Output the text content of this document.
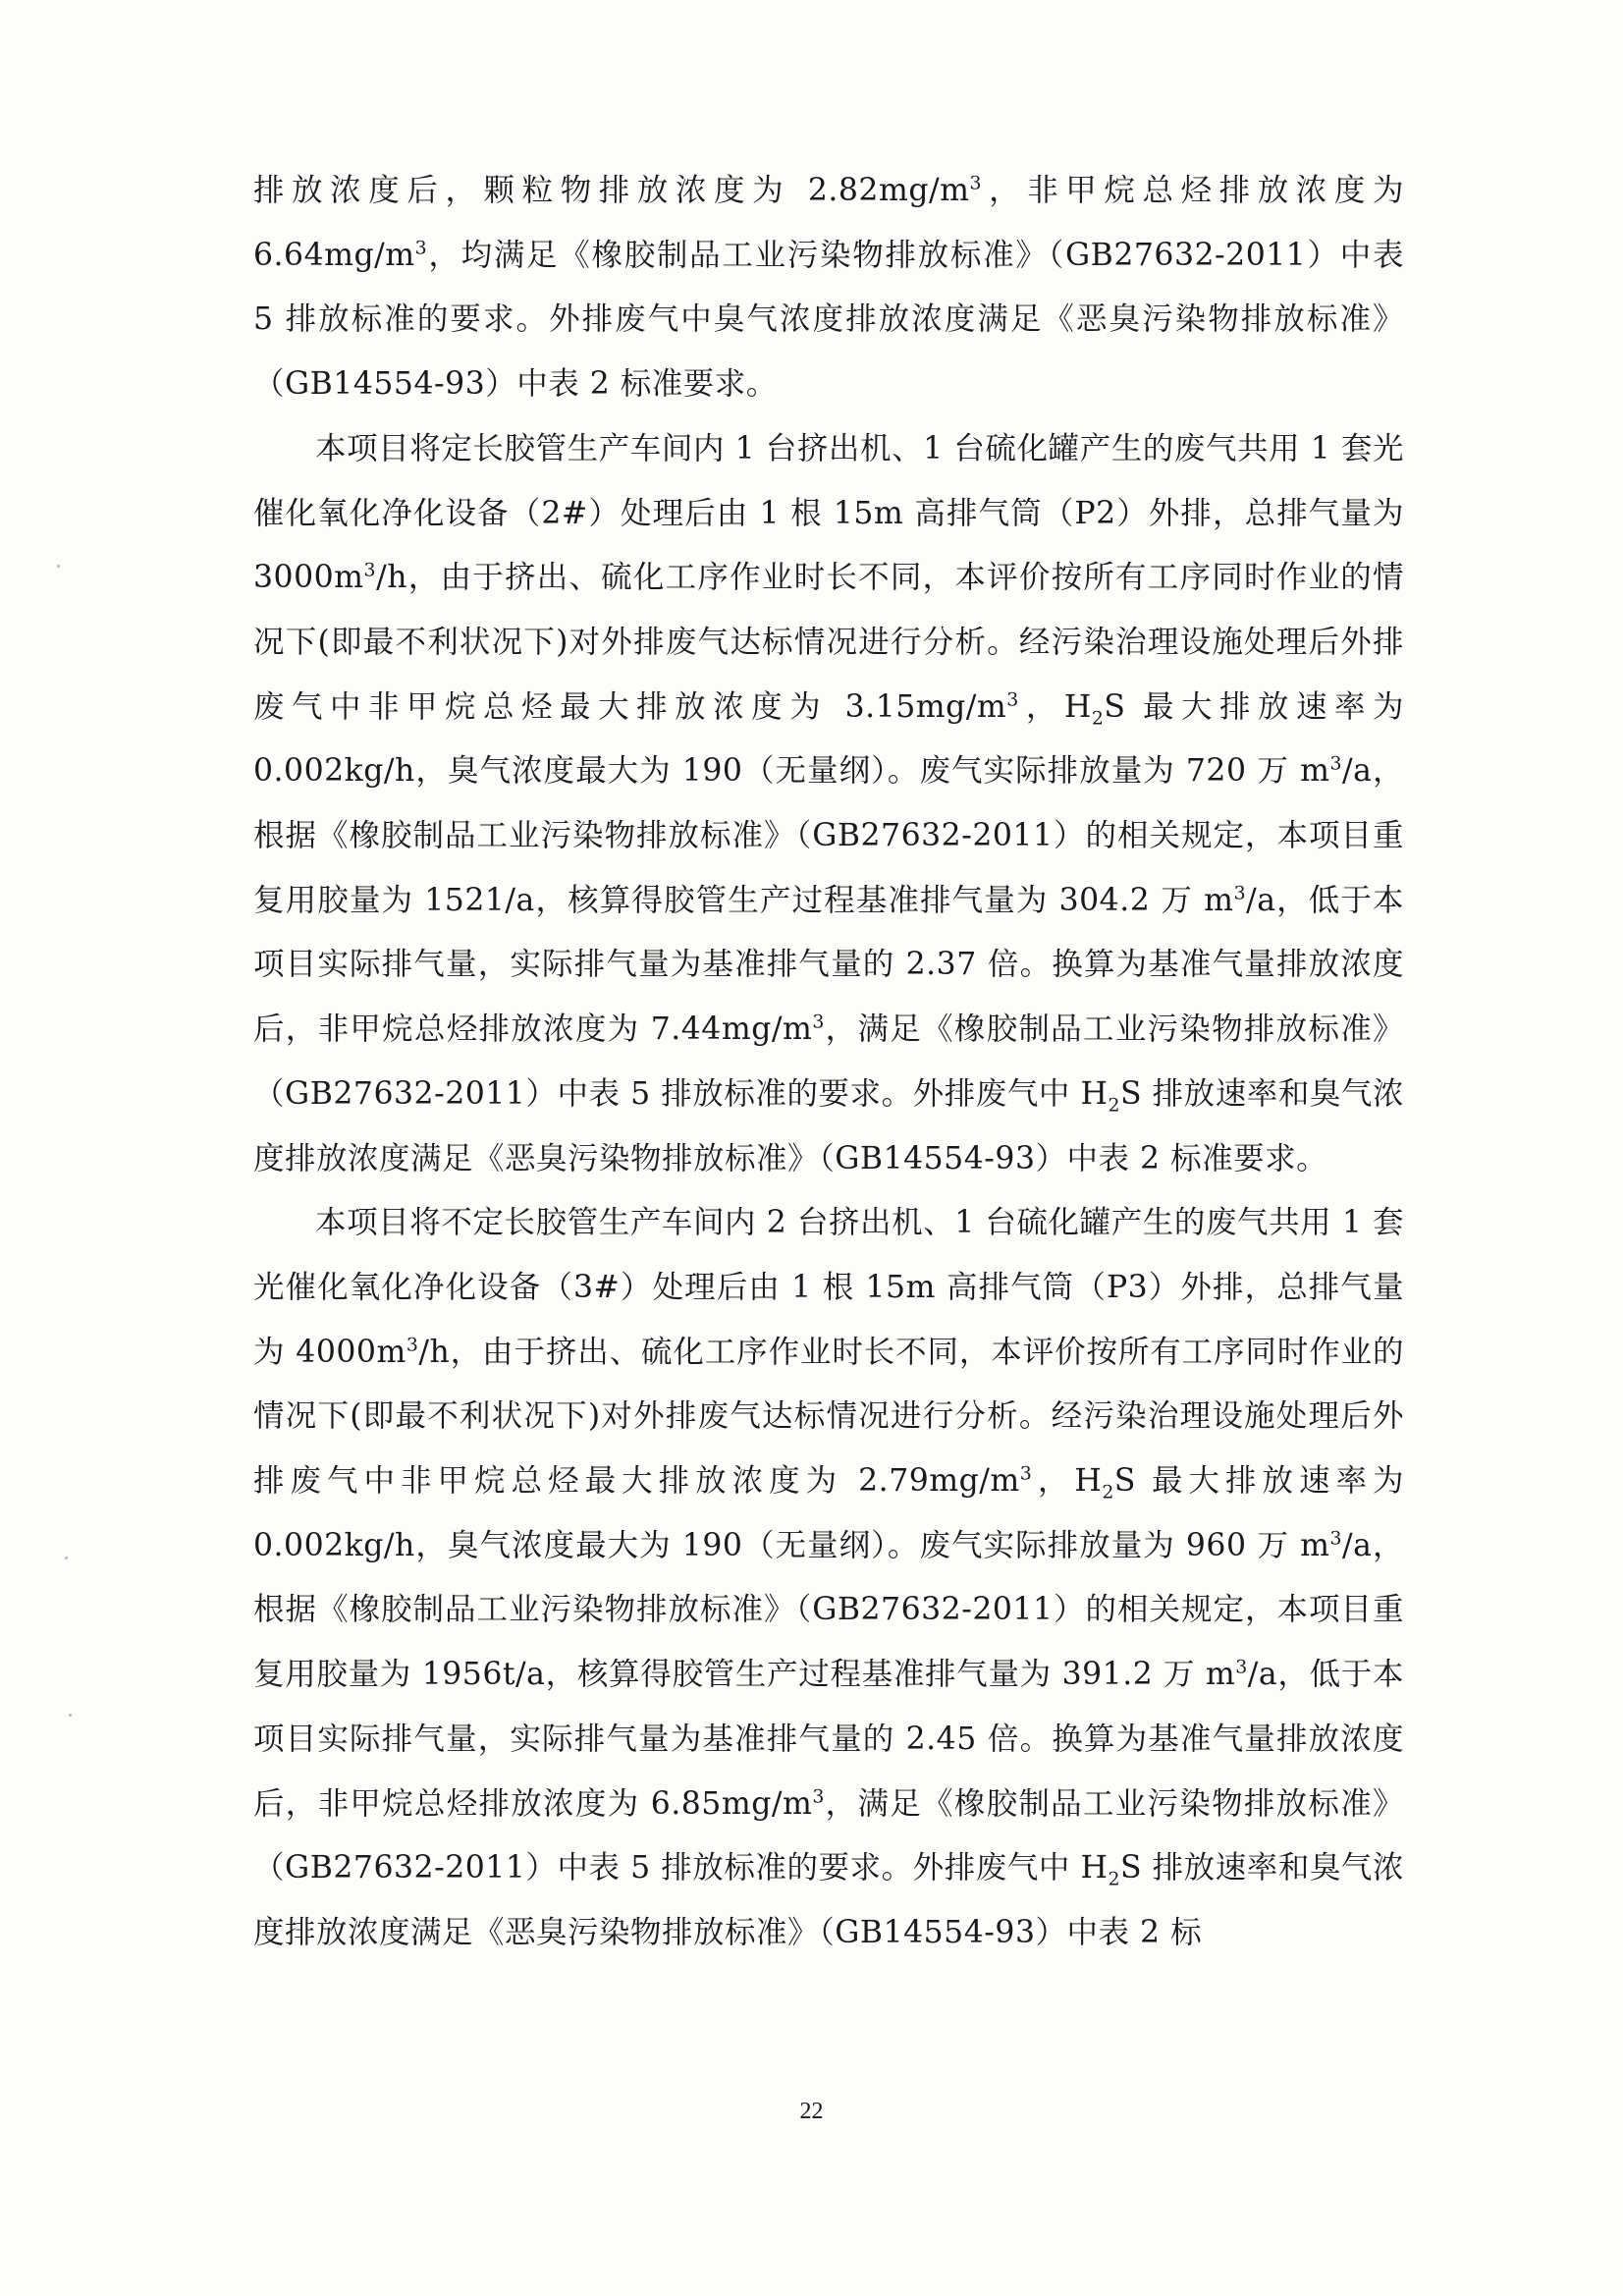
排放浓度后，颗粒物排放浓度为 $2.82mg/m^3$，非甲烷总烃排放浓度为 $6.64mg/m^3$，均满足《橡胶制品工业污染物排放标准》（GB27632-2011）中表 5 排放标准的要求。外排废气中臭气浓度排放浓度满足《恶臭污染物排放标准》（GB14554-93）中表 2 标准要求。

本项目将定长胶管生产车间内 1 台挤出机、1 台硫化罐产生的废气共用 1 套光催化氧化净化设备（2#）处理后由 1 根 15m 高排气筒（P2）外排，总排气量为 $3000m^3/h$，由于挤出、硫化工序作业时长不同，本评价按所有工序同时作业的情况下(即最不利状况下)对外排废气达标情况进行分析。经污染治理设施处理后外排废气中非甲烷总烃最大排放浓度为 $3.15mg/m^3$，$H_2S$ 最大排放速率为 0.002kg/h，臭气浓度最大为 190（无量纲）。废气实际排放量为 720 万 $m^3/a$，根据《橡胶制品工业污染物排放标准》（GB27632-2011）的相关规定，本项目重复用胶量为 1521/a，核算得胶管生产过程基准排气量为 304.2 万 $m^3/a$，低于本项目实际排气量，实际排气量为基准排气量的 2.37 倍。换算为基准气量排放浓度后，非甲烷总烃排放浓度为 $7.44mg/m^3$，满足《橡胶制品工业污染物排放标准》（GB27632-2011）中表 5 排放标准的要求。外排废气中 $H_2S$ 排放速率和臭气浓度排放浓度满足《恶臭污染物排放标准》（GB14554-93）中表 2 标准要求。

本项目将不定长胶管生产车间内 2 台挤出机、1 台硫化罐产生的废气共用 1 套光催化氧化净化设备（3#）处理后由 1 根 15m 高排气筒（P3）外排，总排气量为 $4000m^3/h$，由于挤出、硫化工序作业时长不同，本评价按所有工序同时作业的情况下(即最不利状况下)对外排废气达标情况进行分析。经污染治理设施处理后外排废气中非甲烷总烃最大排放浓度为 $2.79mg/m^3$，$H_2S$ 最大排放速率为 0.002kg/h，臭气浓度最大为 190（无量纲）。废气实际排放量为 960 万 $m^3/a$，根据《橡胶制品工业污染物排放标准》（GB27632-2011）的相关规定，本项目重复用胶量为 1956t/a，核算得胶管生产过程基准排气量为 391.2 万 $m^3/a$，低于本项目实际排气量，实际排气量为基准排气量的 2.45 倍。换算为基准气量排放浓度后，非甲烷总烃排放浓度为 $6.85mg/m^3$，满足《橡胶制品工业污染物排放标准》（GB27632-2011）中表 5 排放标准的要求。外排废气中 $H_2S$ 排放速率和臭气浓度排放浓度满足《恶臭污染物排放标准》（GB14554-93）中表 2 标

22
